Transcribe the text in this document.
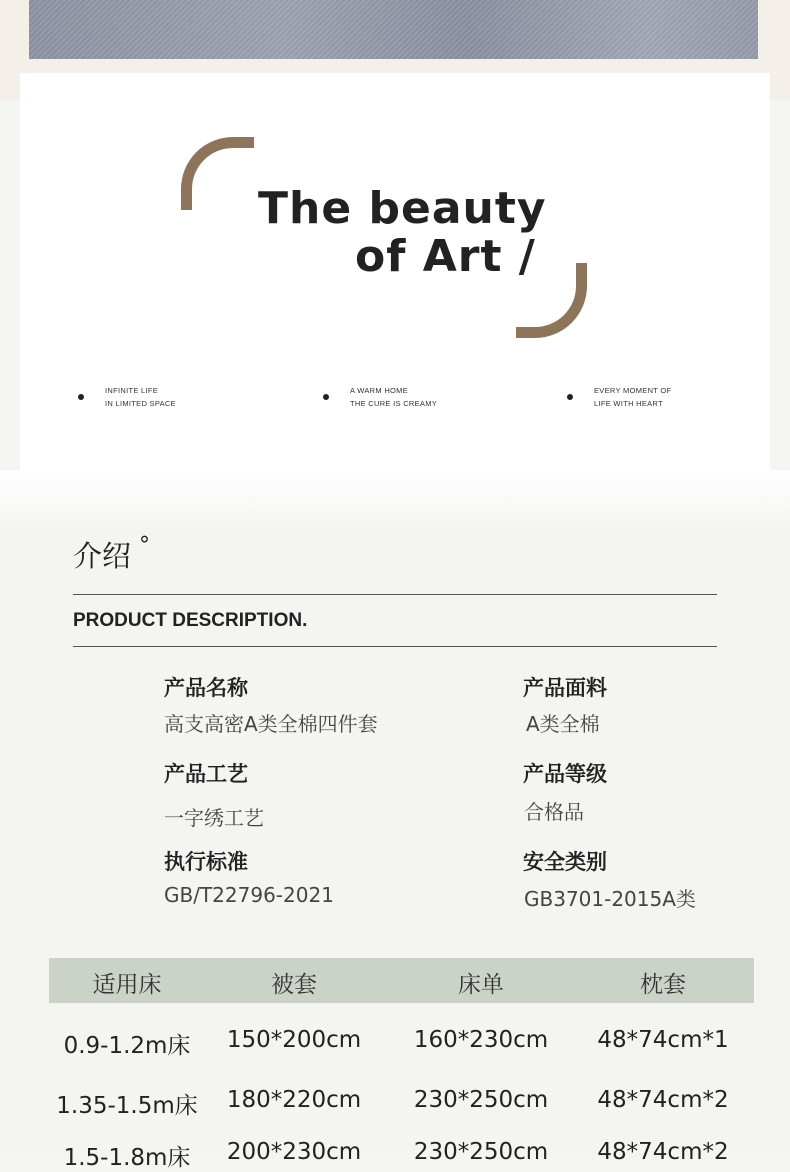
The beauty
of Art /
INFINITE LIFE
IN LIMITED SPACE
A WARM HOME
THE CURE IS CREAMY
EVERY MOMENT OF
LIFE WITH HEART
介绍 °
PRODUCT DESCRIPTION.
产品名称
高支高密A类全棉四件套
产品面料
A类全棉
产品工艺
一字绣工艺
产品等级
合格品
执行标准
GB/T22796-2021
安全类别
GB3701-2015A类
适用床	被套	床单	枕套
0.9-1.2m床 150*200cm 160*230cm 48*74cm*1
1.35-1.5m床 180*220cm 230*250cm 48*74cm*2
1.5-1.8m床 200*230cm 230*250cm 48*74cm*2
